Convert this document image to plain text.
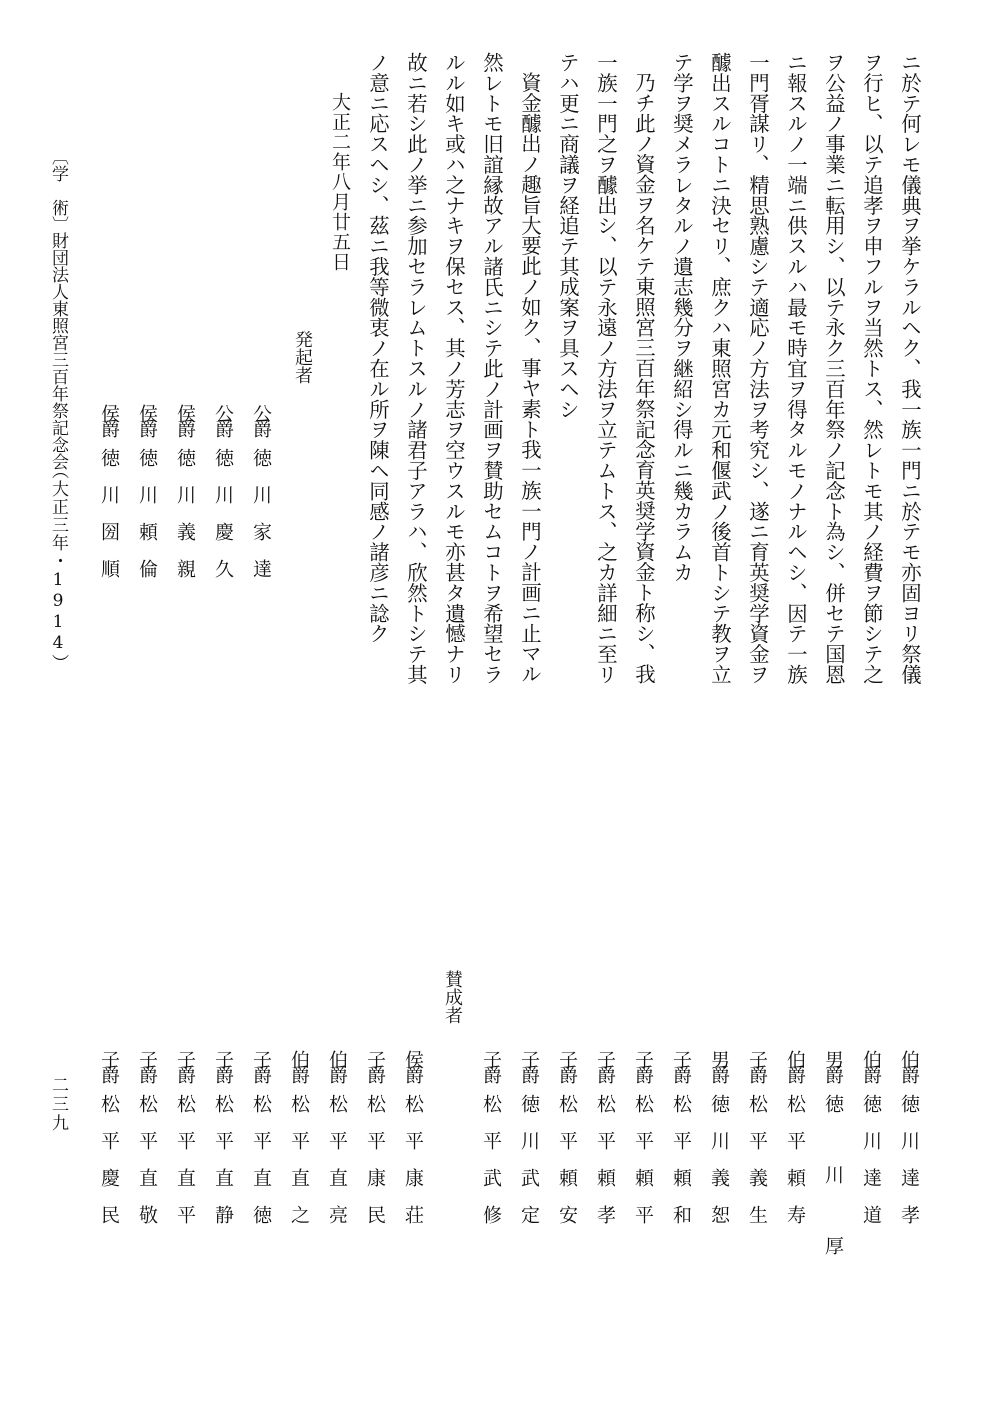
〔学　術〕
財団法人東照宮三百年祭記念会
（大正三年・1914）	ニ於テ何レモ儀典ヲ挙ケラルヘク、我一族一門ニ於テモ亦固ヨリ祭儀
ヲ行ヒ、以テ追孝ヲ申フルヲ当然トス、然レトモ其ノ経費ヲ節シテ之
ヲ公益ノ事業ニ転用シ、以テ永ク三百年祭ノ記念ト為シ、併セテ国恩
ニ報スルノ一端ニ供スルハ最モ時宜ヲ得タルモノナルヘシ、因テ一族
一門胥謀リ、精思熟慮シテ適応ノ方法ヲ考究シ、遂ニ育英奨学資金ヲ
醵出スルコトニ決セリ、庶クハ東照宮カ元和偃武ノ後首トシテ教ヲ立
テ学ヲ奨メラレタルノ遺志幾分ヲ継紹シ得ルニ幾カラムカ
乃チ此ノ資金ヲ名ケテ東照宮三百年祭記念育英奨学資金ト称シ、我
一族一門之ヲ醵出シ、以テ永遠ノ方法ヲ立テムトス、之カ詳細ニ至リ
テハ更ニ商議ヲ経追テ其成案ヲ具スヘシ
資金醵出ノ趣旨大要此ノ如ク、事ヤ素ト我一族一門ノ計画ニ止マル
然レトモ旧誼縁故アル諸氏ニシテ此ノ計画ヲ賛助セムコトヲ希望セラ
ルル如キ或ハ之ナキヲ保セス、其ノ芳志ヲ空ウスルモ亦甚タ遺憾ナリ
故ニ若シ此ノ挙ニ参加セラレムトスルノ諸君子アラハ、欣然トシテ其
ノ意ニ応スヘシ、茲ニ我等微衷ノ在ル所ヲ陳ヘ同感ノ諸彦ニ諗ク
大正二年八月廿五日
発起者
公爵徳川家達
公爵徳川慶久
侯爵徳川義親
侯爵徳川頼倫
侯爵徳川圀順
賛成者
伯爵徳川達孝
伯爵徳川達道
男爵徳川厚
伯爵松平頼寿
子爵松平義生
男爵徳川義恕
子爵松平頼和
子爵松平頼平
子爵松平頼孝
子爵松平頼安
子爵徳川武定
子爵松平武修
侯爵松平康荘
子爵松平康民
伯爵松平直亮
伯爵松平直之
子爵松平直徳
子爵松平直静
子爵松平直平
子爵松平直敬
子爵松平慶民
二三九
